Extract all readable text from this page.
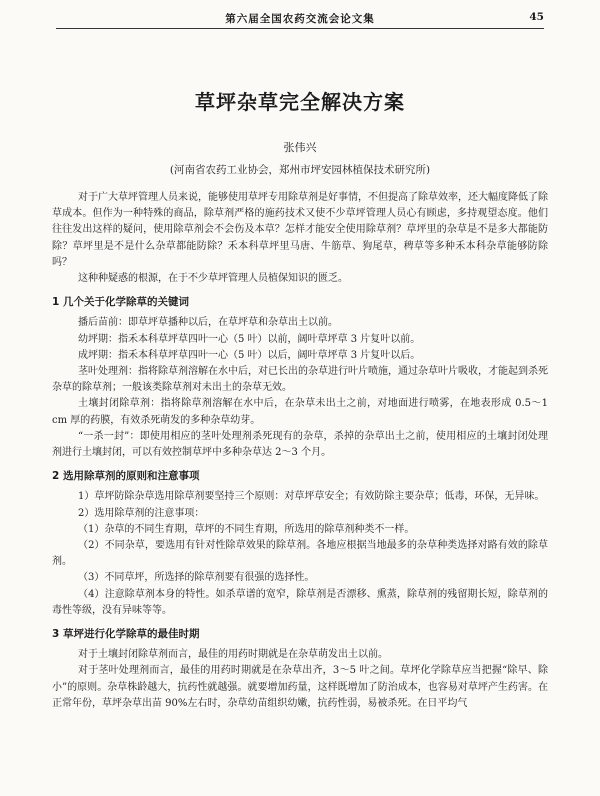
第六届全国农药交流会论文集	45
草坪杂草完全解决方案
张伟兴
(河南省农药工业协会，郑州市坪安园林植保技术研究所)

对于广大草坪管理人员来说，能够使用草坪专用除草剂是好事情，不但提高了除草效率，还大幅度降低了除草成本。但作为一种特殊的商品，除草剂严格的施药技术又使不少草坪管理人员心有顾虑，多持观望态度。他们往往发出这样的疑问，使用除草剂会不会伤及本草？怎样才能安全使用除草剂？草坪里的杂草是不是多大都能防除？草坪里是不是什么杂草都能防除？禾本科草坪里马唐、牛筋草、狗尾草，稗草等多种禾本科杂草能够防除吗？

这种种疑惑的根源，在于不少草坪管理人员植保知识的匮乏。

1 几个关于化学除草的关键词

播后苗前：即草坪草播种以后，在草坪草和杂草出土以前。

幼坪期：指禾本科草坪草四叶一心（5 叶）以前，阔叶草坪草 3 片复叶以前。

成坪期：指禾本科草坪草四叶一心（5 叶）以后，阔叶草坪草 3 片复叶以后。

茎叶处理剂：指将除草剂溶解在水中后，对已长出的杂草进行叶片喷施，通过杂草叶片吸收，才能起到杀死杂草的除草剂；一般该类除草剂对未出土的杂草无效。

土壤封闭除草剂：指将除草剂溶解在水中后，在杂草未出土之前，对地面进行喷雾，在地表形成 0.5～1 cm 厚的药膜，有效杀死萌发的多种杂草幼芽。

“一杀一封”：即使用相应的茎叶处理剂杀死现有的杂草，杀掉的杂草出土之前，使用相应的土壤封闭处理剂进行土壤封闭，可以有效控制草坪中多种杂草达 2～3 个月。

2 选用除草剂的原则和注意事项

1）草坪防除杂草选用除草剂要坚持三个原则：对草坪草安全；有效防除主要杂草；低毒，环保，无异味。

2）选用除草剂的注意事项：

（1）杂草的不同生育期，草坪的不同生育期，所选用的除草剂种类不一样。

（2）不同杂草，要选用有针对性除草效果的除草剂。各地应根据当地最多的杂草种类选择对路有效的除草剂。

（3）不同草坪，所选择的除草剂要有很强的选择性。

（4）注意除草剂本身的特性。如杀草谱的宽窄，除草剂是否漂移、熏蒸，除草剂的残留期长短，除草剂的毒性等级，没有异味等等。

3 草坪进行化学除草的最佳时期

对于土壤封闭除草剂而言，最佳的用药时期就是在杂草萌发出土以前。

对于茎叶处理剂而言，最佳的用药时期就是在杂草出齐，3～5 叶之间。草坪化学除草应当把握“除早、除小”的原则。杂草株龄越大，抗药性就越强。就要增加药量，这样既增加了防治成本，也容易对草坪产生药害。在正常年份，草坪杂草出苗 90%左右时，杂草幼苗组织幼嫩，抗药性弱，易被杀死。在日平均气
